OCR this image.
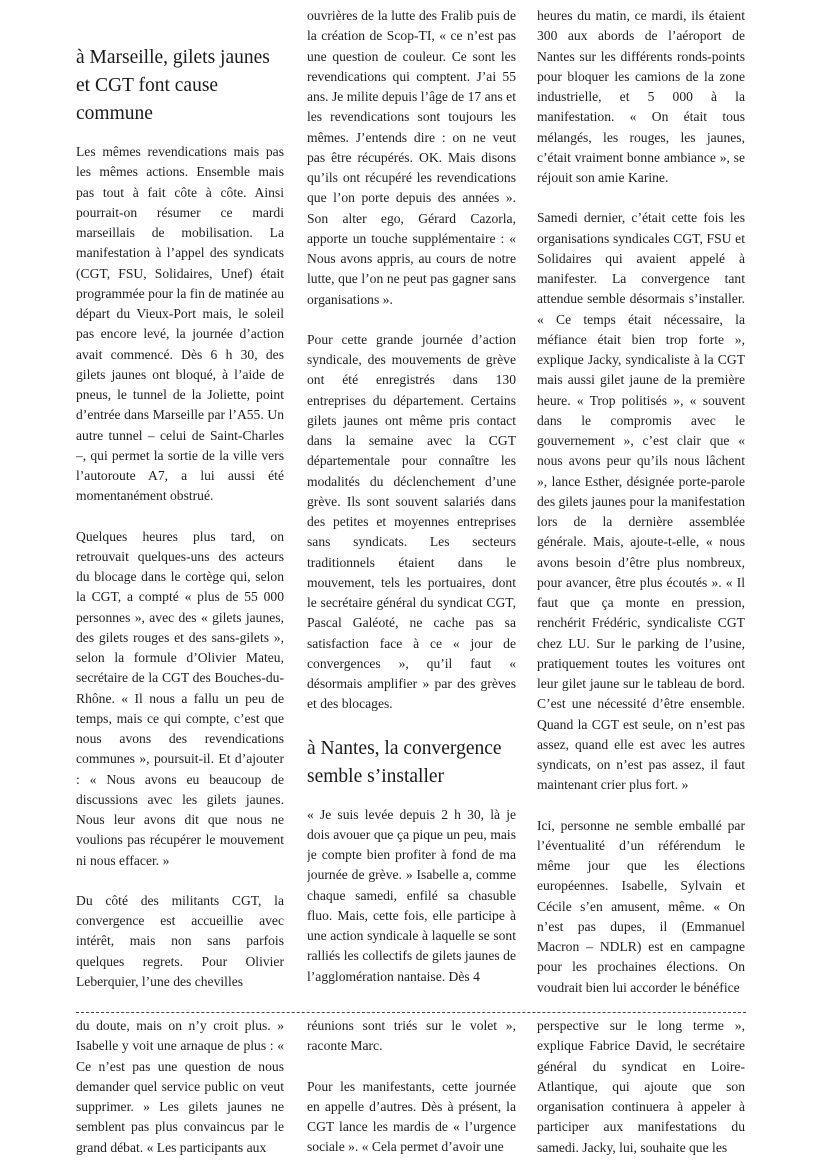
à Marseille, gilets jaunes et CGT font cause commune

Les mêmes revendications mais pas les mêmes actions. Ensemble mais pas tout à fait côte à côte. Ainsi pourrait-on résumer ce mardi marseillais de mobilisation. La manifestation à l’appel des syndicats (CGT, FSU, Solidaires, Unef) était programmée pour la fin de matinée au départ du Vieux-Port mais, le soleil pas encore levé, la journée d’action avait commencé. Dès 6 h 30, des gilets jaunes ont bloqué, à l’aide de pneus, le tunnel de la Joliette, point d’entrée dans Marseille par l’A55. Un autre tunnel – celui de Saint-Charles –, qui permet la sortie de la ville vers l’autoroute A7, a lui aussi été momentanément obstrué.

Quelques heures plus tard, on retrouvait quelques-uns des acteurs du blocage dans le cortège qui, selon la CGT, a compté « plus de 55 000 personnes », avec des « gilets jaunes, des gilets rouges et des sans-gilets », selon la formule d’Olivier Mateu, secrétaire de la CGT des Bouches-du-Rhône. « Il nous a fallu un peu de temps, mais ce qui compte, c’est que nous avons des revendications communes », poursuit-il. Et d’ajouter : « Nous avons eu beaucoup de discussions avec les gilets jaunes. Nous leur avons dit que nous ne voulions pas récupérer le mouvement ni nous effacer. »

Du côté des militants CGT, la convergence est accueillie avec intérêt, mais non sans parfois quelques regrets. Pour Olivier Leberquier, l’une des chevilles

ouvrières de la lutte des Fralib puis de la création de Scop-TI, « ce n’est pas une question de couleur. Ce sont les revendications qui comptent. J’ai 55 ans. Je milite depuis l’âge de 17 ans et les revendications sont toujours les mêmes. J’entends dire : on ne veut pas être récupérés. OK. Mais disons qu’ils ont récupéré les revendications que l’on porte depuis des années ». Son alter ego, Gérard Cazorla, apporte un touche supplémentaire : « Nous avons appris, au cours de notre lutte, que l’on ne peut pas gagner sans organisations ».

Pour cette grande journée d’action syndicale, des mouvements de grève ont été enregistrés dans 130 entreprises du département. Certains gilets jaunes ont même pris contact dans la semaine avec la CGT départementale pour connaître les modalités du déclenchement d’une grève. Ils sont souvent salariés dans des petites et moyennes entreprises sans syndicats. Les secteurs traditionnels étaient dans le mouvement, tels les portuaires, dont le secrétaire général du syndicat CGT, Pascal Galéoté, ne cache pas sa satisfaction face à ce « jour de convergences », qu’il faut « désormais amplifier » par des grèves et des blocages.

à Nantes, la convergence semble s’installer

« Je suis levée depuis 2 h 30, là je dois avouer que ça pique un peu, mais je compte bien profiter à fond de ma journée de grève. » Isabelle a, comme chaque samedi, enfilé sa chasuble fluo. Mais, cette fois, elle participe à une action syndicale à laquelle se sont ralliés les collectifs de gilets jaunes de l’agglomération nantaise. Dès 4

heures du matin, ce mardi, ils étaient 300 aux abords de l’aéroport de Nantes sur les différents ronds-points pour bloquer les camions de la zone industrielle, et 5 000 à la manifestation. « On était tous mélangés, les rouges, les jaunes, c’était vraiment bonne ambiance », se réjouit son amie Karine.

Samedi dernier, c’était cette fois les organisations syndicales CGT, FSU et Solidaires qui avaient appelé à manifester. La convergence tant attendue semble désormais s’installer. « Ce temps était nécessaire, la méfiance était bien trop forte », explique Jacky, syndicaliste à la CGT mais aussi gilet jaune de la première heure. « Trop politisés », « souvent dans le compromis avec le gouvernement », c’est clair que « nous avons peur qu’ils nous lâchent », lance Esther, désignée porte-parole des gilets jaunes pour la manifestation lors de la dernière assemblée générale. Mais, ajoute-t-elle, « nous avons besoin d’être plus nombreux, pour avancer, être plus écoutés ». « Il faut que ça monte en pression, renchérit Frédéric, syndicaliste CGT chez LU. Sur le parking de l’usine, pratiquement toutes les voitures ont leur gilet jaune sur le tableau de bord. C’est une nécessité d’être ensemble. Quand la CGT est seule, on n’est pas assez, quand elle est avec les autres syndicats, on n’est pas assez, il faut maintenant crier plus fort. »

Ici, personne ne semble emballé par l’éventualité d’un référendum le même jour que les élections européennes. Isabelle, Sylvain et Cécile s’en amusent, même. « On n’est pas dupes, il (Emmanuel Macron – NDLR) est en campagne pour les prochaines élections. On voudrait bien lui accorder le bénéfice

du doute, mais on n’y croit plus. » Isabelle y voit une arnaque de plus : « Ce n’est pas une question de nous demander quel service public on veut supprimer. » Les gilets jaunes ne semblent pas plus convaincus par le grand débat. « Les participants aux

réunions sont triés sur le volet », raconte Marc.

Pour les manifestants, cette journée en appelle d’autres. Dès à présent, la CGT lance les mardis de « l’urgence sociale ». « Cela permet d’avoir une

perspective sur le long terme », explique Fabrice David, le secrétaire général du syndicat en Loire-Atlantique, qui ajoute que son organisation continuera à appeler à participer aux manifestations du samedi. Jacky, lui, souhaite que les
